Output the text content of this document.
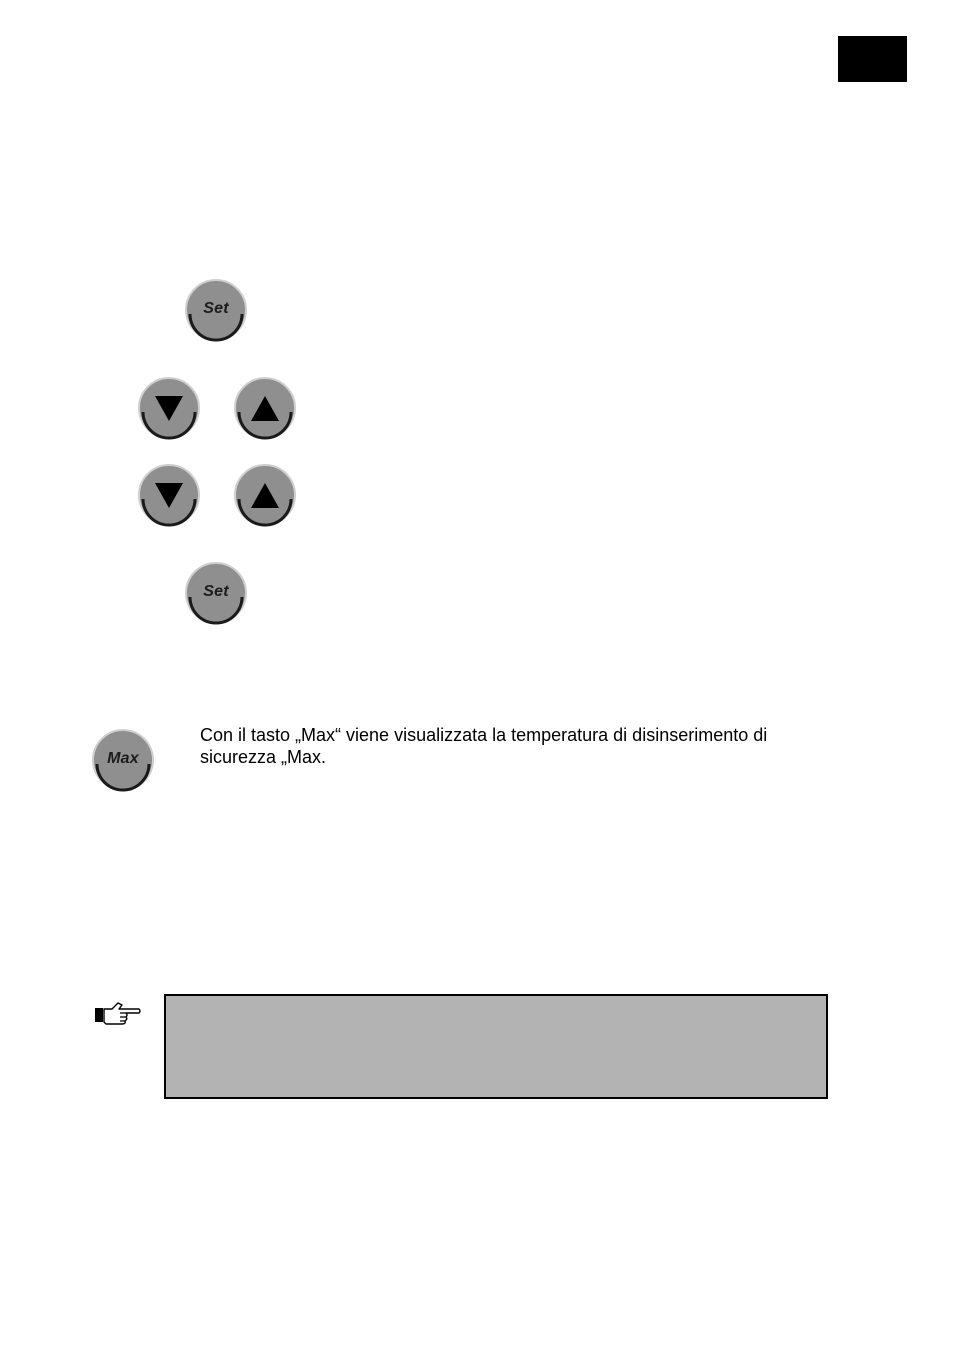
Set
Set
Max

Con il tasto „Max“ viene visualizzata la temperatura di disinserimento di sicurezza „Max.
